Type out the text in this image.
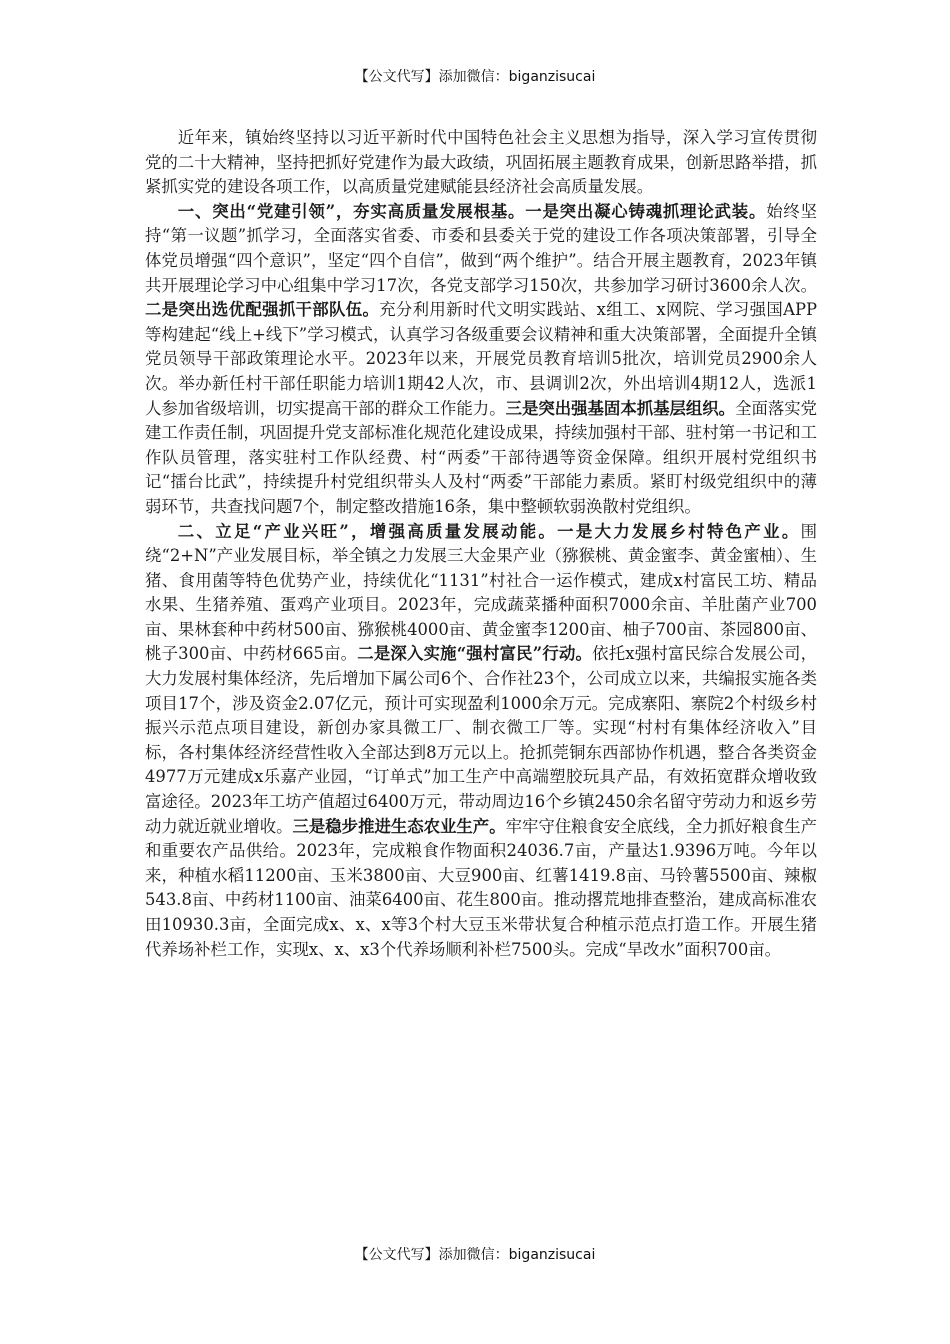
【公文代写】添加微信：biganzisucai

近年来，镇始终坚持以习近平新时代中国特色社会主义思想为指导，深入学习宣传贯彻党的二十大精神，坚持把抓好党建作为最大政绩，巩固拓展主题教育成果，创新思路举措，抓紧抓实党的建设各项工作，以高质量党建赋能县经济社会高质量发展。

一、突出“党建引领”，夯实高质量发展根基。一是突出凝心铸魂抓理论武装。始终坚持“第一议题”抓学习，全面落实省委、市委和县委关于党的建设工作各项决策部署，引导全体党员增强“四个意识”，坚定“四个自信”，做到“两个维护”。结合开展主题教育，2023年镇共开展理论学习中心组集中学习17次，各党支部学习150次，共参加学习研讨3600余人次。二是突出选优配强抓干部队伍。充分利用新时代文明实践站、x组工、x网院、学习强国APP等构建起“线上+线下”学习模式，认真学习各级重要会议精神和重大决策部署，全面提升全镇党员领导干部政策理论水平。2023年以来，开展党员教育培训5批次，培训党员2900余人次。举办新任村干部任职能力培训1期42人次，市、县调训2次，外出培训4期12人，选派1人参加省级培训，切实提高干部的群众工作能力。三是突出强基固本抓基层组织。全面落实党建工作责任制，巩固提升党支部标准化规范化建设成果，持续加强村干部、驻村第一书记和工作队员管理，落实驻村工作队经费、村“两委”干部待遇等资金保障。组织开展村党组织书记“擂台比武”，持续提升村党组织带头人及村“两委”干部能力素质。紧盯村级党组织中的薄弱环节，共查找问题7个，制定整改措施16条，集中整顿软弱涣散村党组织。

二、立足“产业兴旺”，增强高质量发展动能。一是大力发展乡村特色产业。围绕“2+N”产业发展目标，举全镇之力发展三大金果产业（猕猴桃、黄金蜜李、黄金蜜柚）、生猪、食用菌等特色优势产业，持续优化“1131”村社合一运作模式，建成x村富民工坊、精品水果、生猪养殖、蛋鸡产业项目。2023年，完成蔬菜播种面积7000余亩、羊肚菌产业700亩、果林套种中药材500亩、猕猴桃4000亩、黄金蜜李1200亩、柚子700亩、茶园800亩、桃子300亩、中药材665亩。二是深入实施“强村富民”行动。依托x强村富民综合发展公司，大力发展村集体经济，先后增加下属公司6个、合作社23个，公司成立以来，共编报实施各类项目17个，涉及资金2.07亿元，预计可实现盈利1000余万元。完成寨阳、寨院2个村级乡村振兴示范点项目建设，新创办家具微工厂、制衣微工厂等。实现“村村有集体经济收入”目标，各村集体经济经营性收入全部达到8万元以上。抢抓莞铜东西部协作机遇，整合各类资金4977万元建成x乐嘉产业园，“订单式”加工生产中高端塑胶玩具产品，有效拓宽群众增收致富途径。2023年工坊产值超过6400万元，带动周边16个乡镇2450余名留守劳动力和返乡劳动力就近就业增收。三是稳步推进生态农业生产。牢牢守住粮食安全底线，全力抓好粮食生产和重要农产品供给。2023年，完成粮食作物面积24036.7亩，产量达1.9396万吨。今年以来，种植水稻11200亩、玉米3800亩、大豆900亩、红薯1419.8亩、马铃薯5500亩、辣椒543.8亩、中药材1100亩、油菜6400亩、花生800亩。推动撂荒地排查整治，建成高标准农田10930.3亩，全面完成x、x、x等3个村大豆玉米带状复合种植示范点打造工作。开展生猪代养场补栏工作，实现x、x、x3个代养场顺利补栏7500头。完成“旱改水”面积700亩。

【公文代写】添加微信：biganzisucai
